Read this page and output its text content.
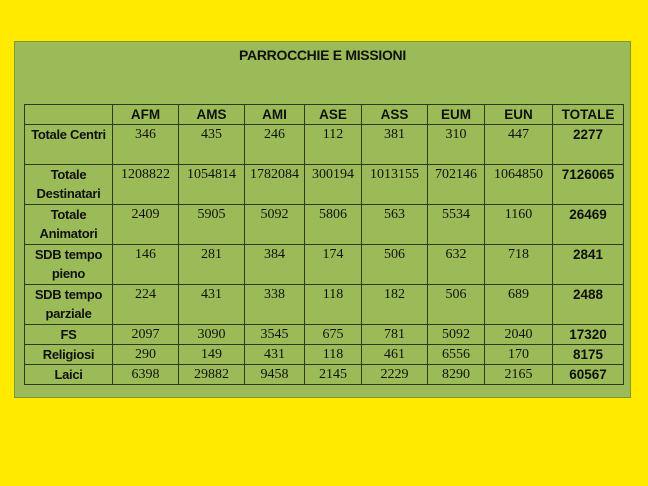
PARROCCHIE E MISSIONI
	AFM	AMS	AMI	ASE	ASS	EUM	EUN	TOTALE
Totale Centri	346	435	246	112	381	310	447	2277
Totale Destinatari	1208822	1054814	1782084	300194	1013155	702146	1064850	7126065
Totale Animatori	2409	5905	5092	5806	563	5534	1160	26469
SDB tempo pieno	146	281	384	174	506	632	718	2841
SDB tempo parziale	224	431	338	118	182	506	689	2488
FS	2097	3090	3545	675	781	5092	2040	17320
Religiosi	290	149	431	118	461	6556	170	8175
Laici	6398	29882	9458	2145	2229	8290	2165	60567
